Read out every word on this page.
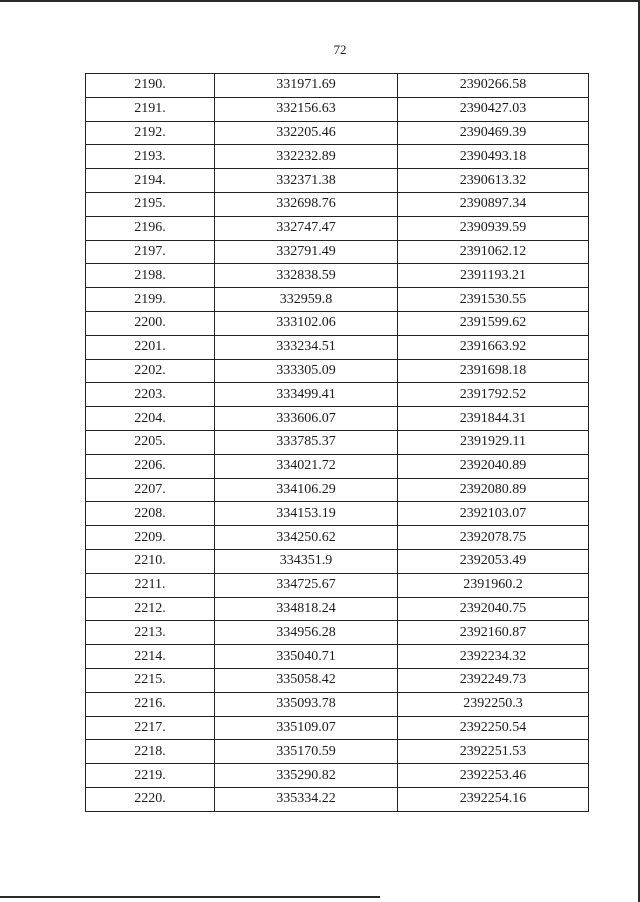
72
2190.	331971.69	2390266.58
2191.	332156.63	2390427.03
2192.	332205.46	2390469.39
2193.	332232.89	2390493.18
2194.	332371.38	2390613.32
2195.	332698.76	2390897.34
2196.	332747.47	2390939.59
2197.	332791.49	2391062.12
2198.	332838.59	2391193.21
2199.	332959.8	2391530.55
2200.	333102.06	2391599.62
2201.	333234.51	2391663.92
2202.	333305.09	2391698.18
2203.	333499.41	2391792.52
2204.	333606.07	2391844.31
2205.	333785.37	2391929.11
2206.	334021.72	2392040.89
2207.	334106.29	2392080.89
2208.	334153.19	2392103.07
2209.	334250.62	2392078.75
2210.	334351.9	2392053.49
2211.	334725.67	2391960.2
2212.	334818.24	2392040.75
2213.	334956.28	2392160.87
2214.	335040.71	2392234.32
2215.	335058.42	2392249.73
2216.	335093.78	2392250.3
2217.	335109.07	2392250.54
2218.	335170.59	2392251.53
2219.	335290.82	2392253.46
2220.	335334.22	2392254.16
